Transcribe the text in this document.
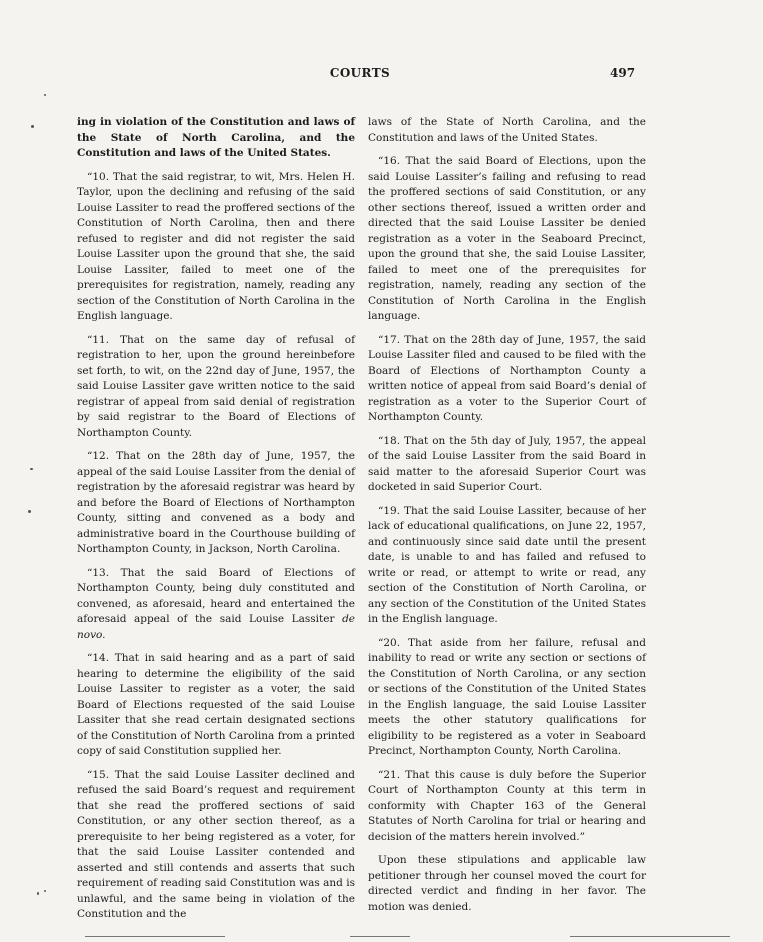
COURTS	497

ing in violation of the Constitution and laws of the State of North Carolina, and the Constitution and laws of the United States.

“10. That the said registrar, to wit, Mrs. Helen H. Taylor, upon the declining and refusing of the said Louise Lassiter to read the proffered sections of the Constitution of North Carolina, then and there refused to register and did not register the said Louise Lassiter upon the ground that she, the said Louise Lassiter, failed to meet one of the prerequisites for registration, namely, reading any section of the Constitution of North Carolina in the English language.

“11. That on the same day of refusal of registration to her, upon the ground hereinbefore set forth, to wit, on the 22nd day of June, 1957, the said Louise Lassiter gave written notice to the said registrar of appeal from said denial of registration by said registrar to the Board of Elections of Northampton County.

“12. That on the 28th day of June, 1957, the appeal of the said Louise Lassiter from the denial of registration by the aforesaid registrar was heard by and before the Board of Elections of Northampton County, sitting and convened as a body and administrative board in the Courthouse building of Northampton County, in Jackson, North Carolina.

“13. That the said Board of Elections of Northampton County, being duly constituted and convened, as aforesaid, heard and entertained the aforesaid appeal of the said Louise Lassiter de novo.

“14. That in said hearing and as a part of said hearing to determine the eligibility of the said Louise Lassiter to register as a voter, the said Board of Elections requested of the said Louise Lassiter that she read certain designated sections of the Constitution of North Carolina from a printed copy of said Constitution supplied her.

“15. That the said Louise Lassiter declined and refused the said Board’s request and requirement that she read the proffered sections of said Constitution, or any other section thereof, as a prerequisite to her being registered as a voter, for that the said Louise Lassiter contended and asserted and still contends and asserts that such requirement of reading said Constitution was and is unlawful, and the same being in violation of the Constitution and the

laws of the State of North Carolina, and the Constitution and laws of the United States.

“16. That the said Board of Elections, upon the said Louise Lassiter’s failing and refusing to read the proffered sections of said Constitution, or any other sections thereof, issued a written order and directed that the said Louise Lassiter be denied registration as a voter in the Seaboard Precinct, upon the ground that she, the said Louise Lassiter, failed to meet one of the prerequisites for registration, namely, reading any section of the Constitution of North Carolina in the English language.

“17. That on the 28th day of June, 1957, the said Louise Lassiter filed and caused to be filed with the Board of Elections of Northampton County a written notice of appeal from said Board’s denial of registration as a voter to the Superior Court of Northampton County.

“18. That on the 5th day of July, 1957, the appeal of the said Louise Lassiter from the said Board in said matter to the aforesaid Superior Court was docketed in said Superior Court.

“19. That the said Louise Lassiter, because of her lack of educational qualifications, on June 22, 1957, and continuously since said date until the present date, is unable to and has failed and refused to write or read, or attempt to write or read, any section of the Constitution of North Carolina, or any section of the Constitution of the United States in the English language.

“20. That aside from her failure, refusal and inability to read or write any section or sections of the Constitution of North Carolina, or any section or sections of the Constitution of the United States in the English language, the said Louise Lassiter meets the other statutory qualifications for eligibility to be registered as a voter in Seaboard Precinct, Northampton County, North Carolina.

“21. That this cause is duly before the Superior Court of Northampton County at this term in conformity with Chapter 163 of the General Statutes of North Carolina for trial or hearing and decision of the matters herein involved.”

Upon these stipulations and applicable law petitioner through her counsel moved the court for directed verdict and finding in her favor. The motion was denied.
